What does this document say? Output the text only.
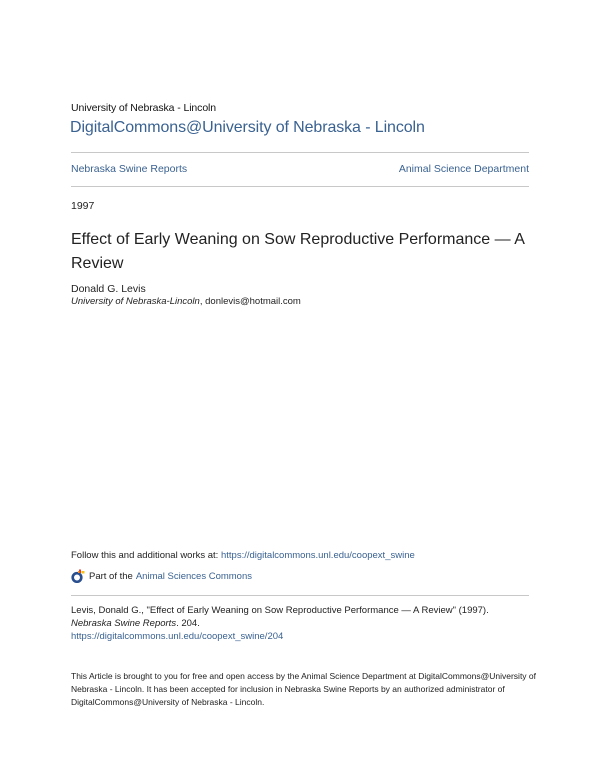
University of Nebraska - Lincoln
DigitalCommons@University of Nebraska - Lincoln
Nebraska Swine Reports	Animal Science Department
1997
Effect of Early Weaning on Sow Reproductive Performance — A Review
Donald G. Levis
University of Nebraska-Lincoln, donlevis@hotmail.com
Follow this and additional works at: https://digitalcommons.unl.edu/coopext_swine
Part of the Animal Sciences Commons
Levis, Donald G., "Effect of Early Weaning on Sow Reproductive Performance — A Review" (1997).
Nebraska Swine Reports. 204.
https://digitalcommons.unl.edu/coopext_swine/204
This Article is brought to you for free and open access by the Animal Science Department at DigitalCommons@University of Nebraska - Lincoln. It has been accepted for inclusion in Nebraska Swine Reports by an authorized administrator of DigitalCommons@University of Nebraska - Lincoln.
